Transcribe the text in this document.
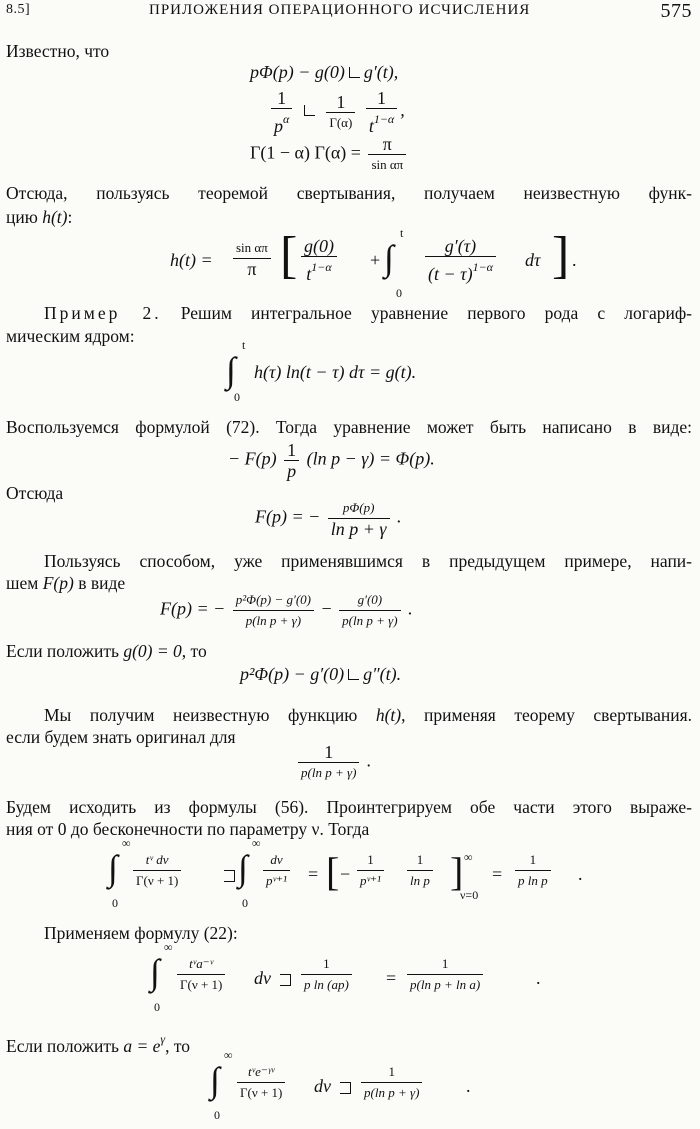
8.5]	ПРИЛОЖЕНИЯ ОПЕРАЦИОННОГО ИСЧИСЛЕНИЯ	575
Известно, что
pΦ(p) − g(0) g′(t),
$\frac{1}{p^\alpha}$
$\frac{1}{\Gamma(\alpha)}$
$\frac{1}{t^{1-\alpha}}$ ,
Γ(1 − α) $\Gamma(\alpha) = \frac{\pi}{\text{sin απ}}$
Отсюда, пользуясь теоремой свертывания, получаем неизвестную функ-
цию h(t):
h(t) =
sin απ
π [ $\frac{g(0)}{t^{1-\alpha}}$ + ∫
t
0
$\frac{g'(\tau)}{(t - \tau)^{1-\alpha}}$ dτ ] .
Пример 2. Решим интегральное уравнение первого рода с логариф-
мическим ядром:
∫
t
0
h(τ) ln(t − τ) dτ = g(t).
Воспользуемся формулой (72). Тогда уравнение может быть написано в виде:
− $F(p) \frac{1}{p} (\ln$ p − γ) = Φ(p).
Отсюда
F(p) = − $\frac{p\Phi(p)}{\text{ln p + γ}}$ .
Пользуясь способом, уже применявшимся в предыдущем примере, напи-
шем F(p) в виде
F(p) = − $\frac{\text{p²Φ(p) − g′(0)}}{\text{p(ln p + γ)}} - \frac{g'(0)}{\text{p(ln p + γ)}}$ .
Если положить g(0) = 0, то
p²Φ(p) − g′(0) g″(t).
Мы получим неизвестную функцию h(t), применяя теорему свертывания.
если будем знать оригинал для
$\frac{1}{\text{p(ln p + γ)}}$ .
Будем исходить из формулы (56). Проинтегрируем обе части этого выраже-
ния от 0 до бесконечности по параметру ν. Тогда
∫
∞
0
$\frac{\text{tᵛ dν}}{\Gamma(\nu + 1)}$ ∫
∞
0
$\frac{d\nu}{\text{pᵛ⁺¹}}$ = [ − $\frac{1}{\text{pᵛ⁺¹}} \frac{1}{\text{ln p}}$ ] ∞
ν=0
= $\frac{1}{\text{p ln p}}$ .
Применяем формулу (22):
∫
∞
0
tᵛa⁻ᵛ
Γ(ν + 1) dν $\frac{1}{\text{p ln (ap)}} = \frac{1}{\text{p(ln p + ln a)}}$	.
Если положить $a = e^\gamma$, то
∫
∞
0
tᵛe⁻ᵞᵛ
Γ(ν + 1) dν $\frac{1}{\text{p(ln p + γ)}}$ .
